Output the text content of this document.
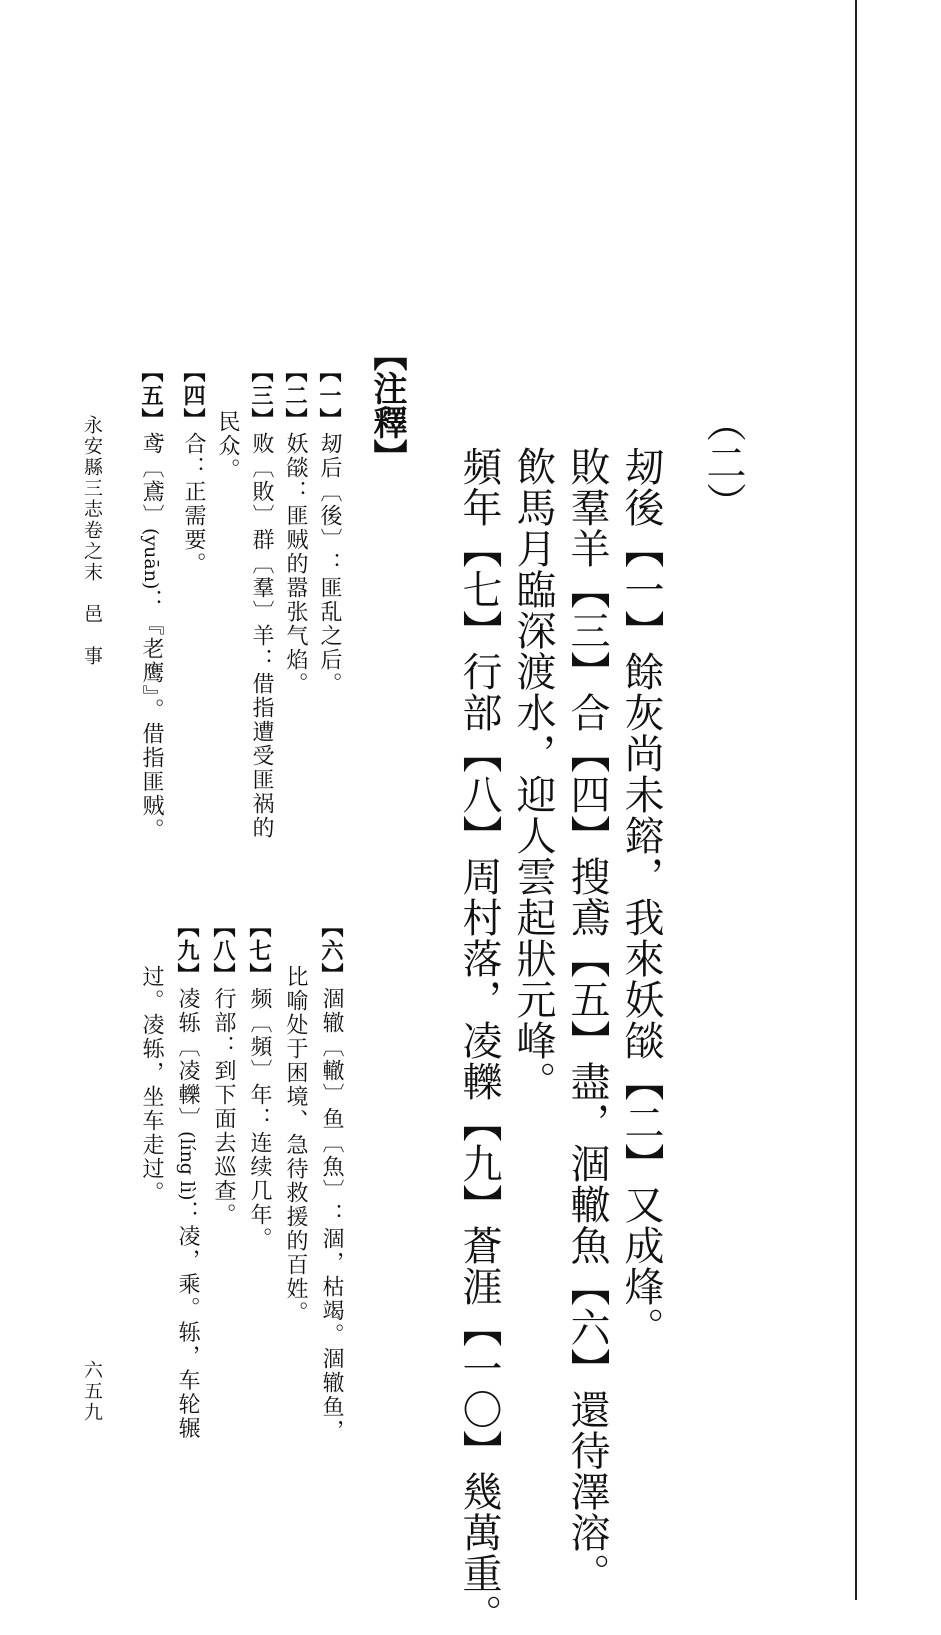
（二）
刼後【一】餘灰尚未鎔，我來妖燄【二】又成烽。
敗羣羊【三】合【四】搜鳶【五】盡，涸轍魚【六】還待澤溶。
飲馬月臨深渡水，迎人雲起狀元峰。
頻年【七】行部【八】周村落，凌轢【九】蒼涯【一〇】幾萬重。
【注釋】
【一】刼后〔後〕：匪乱之后。
【二】妖燄：匪贼的嚣张气焰。
【三】败〔敗〕群〔羣〕羊：借指遭受匪祸的
民众。
【四】合：正需要。
【五】鸢〔鳶〕(yuān)：『老鹰』。借指匪贼。
【六】涸辙〔轍〕鱼〔魚〕：涸，枯竭。涸辙鱼，
比喻处于困境、急待救援的百姓。
【七】频〔頻〕年：连续几年。
【八】行部：到下面去巡查。
【九】凌轹〔凌轢〕(líng lì)：凌，乘。轹，车轮辗
过。凌轹，坐车走过。
永安縣三志卷之末　邑　事
六五九
